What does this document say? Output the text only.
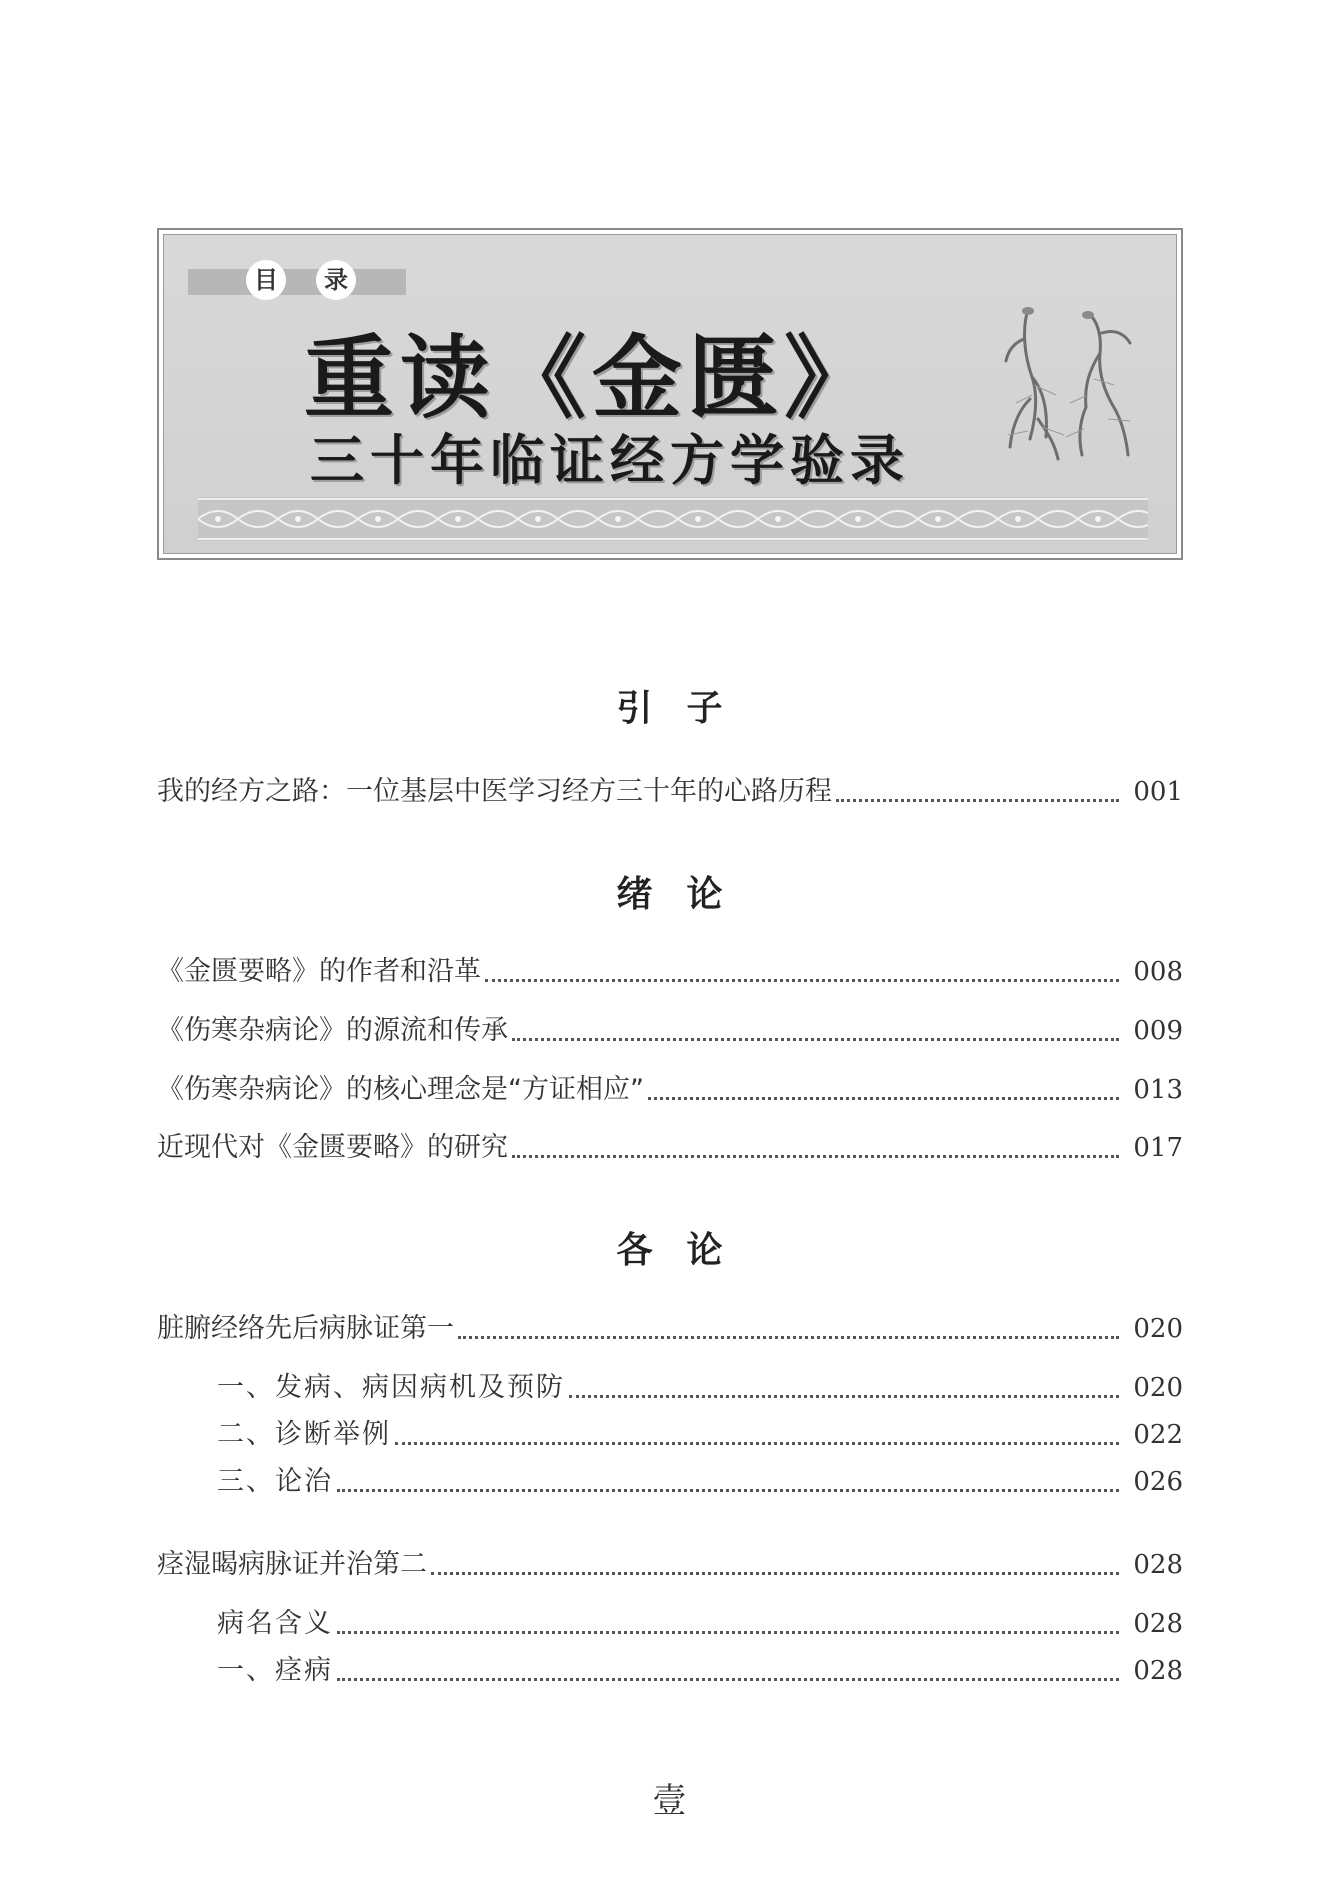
目	录
重读《金匮》
三十年临证经方学验录
引子
我的经方之路：一位基层中医学习经方三十年的心路历程	001
绪论
《金匮要略》的作者和沿革	008
《伤寒杂病论》的源流和传承	009
《伤寒杂病论》的核心理念是“方证相应”	013
近现代对《金匮要略》的研究	017
各论
脏腑经络先后病脉证第一	020
一、发病、病因病机及预防	020
二、诊断举例	022
三、论治	026
痉湿暍病脉证并治第二	028
病名含义	028
一、痉病	028
壹
